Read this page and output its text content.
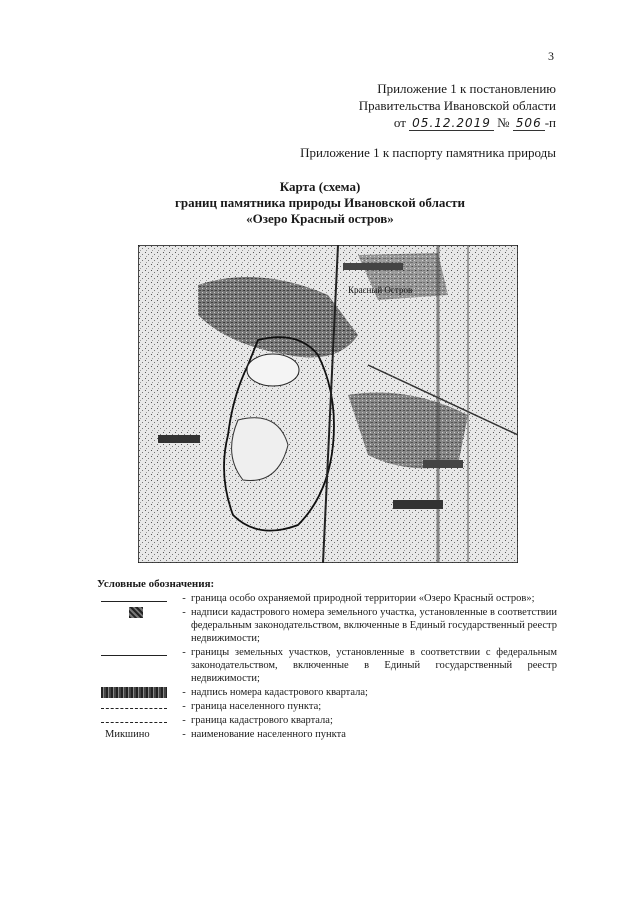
3
Приложение 1 к постановлению
Правительства Ивановской области
от 05.12.2019 № 506 -п
Приложение 1 к паспорту памятника природы
Карта (схема)
границ памятника природы Ивановской области
«Озеро Красный остров»
Красный Остров
Условные обозначения:
- граница особо охраняемой природной территории «Озеро Красный остров»;
- надписи кадастрового номера земельного участка, установленные в соответствии федеральным законодательством, включенные в Единый государственный реестр недвижимости;
- границы земельных участков, установленные в соответствии с федеральным законодательством, включенные в Единый государственный реестр недвижимости;
- надпись номера кадастрового квартала;
- граница населенного пункта;
- граница кадастрового квартала;
Микшино	- наименование населенного пункта
